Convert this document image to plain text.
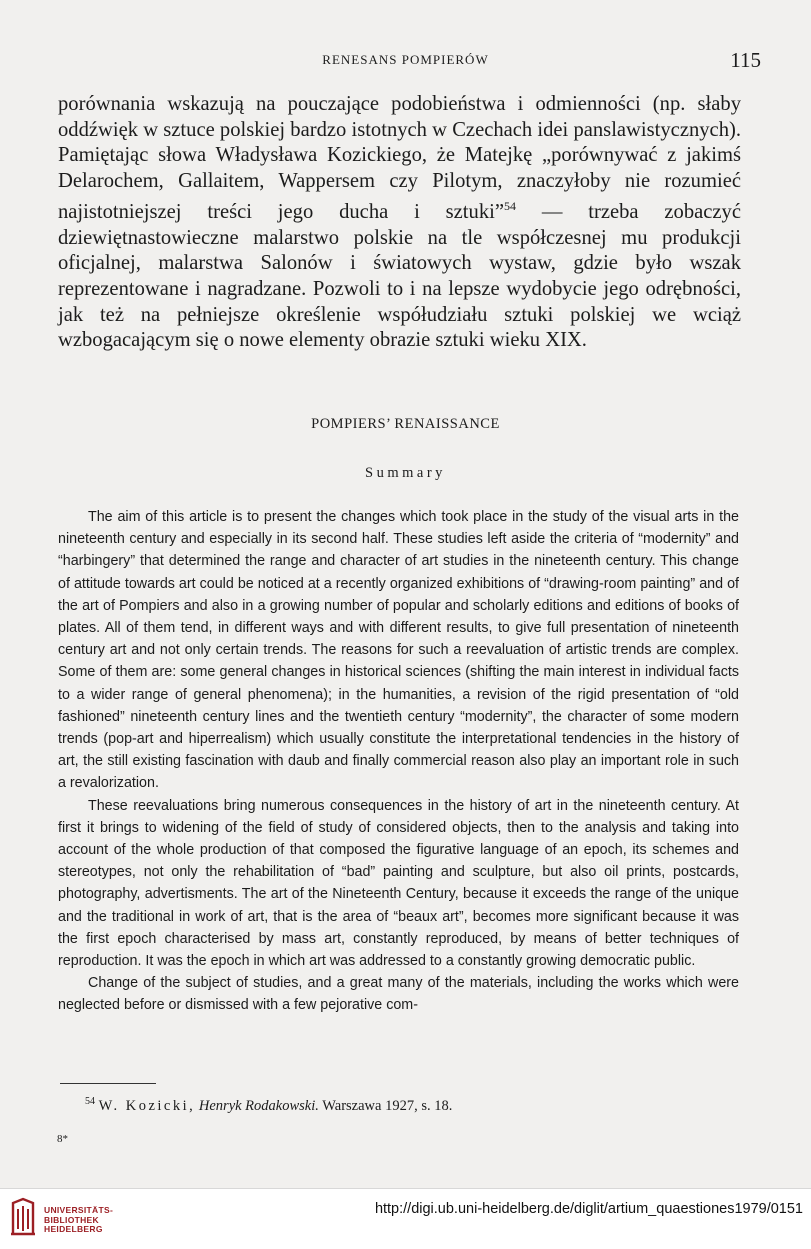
RENESANS POMPIERÓW	115

porównania wskazują na pouczające podobieństwa i odmienności (np. słaby oddźwięk w sztuce polskiej bardzo istotnych w Czechach idei panslawistycznych). Pamiętając słowa Władysława Kozickiego, że Matejkę „porównywać z jakimś Delarochem, Gallaitem, Wappersem czy Pilotym, znaczyłoby nie rozumieć najistotniejszej treści jego ducha i sztuki”$^{54}$ — trzeba zobaczyć dziewiętnastowieczne malarstwo polskie na tle współczesnej mu produkcji oficjalnej, malarstwa Salonów i światowych wystaw, gdzie było wszak reprezentowane i nagradzane. Pozwoli to i na lepsze wydobycie jego odrębności, jak też na pełniejsze określenie współudziału sztuki polskiej we wciąż wzbogacającym się o nowe elementy obrazie sztuki wieku XIX.

POMPIERS’ RENAISSANCE
Summary

The aim of this article is to present the changes which took place in the study of the visual arts in the nineteenth century and especially in its second half. These studies left aside the criteria of “modernity” and “harbingery” that determined the range and character of art studies in the nineteenth century. This change of attitude towards art could be noticed at a recently organized exhibitions of “drawing-room painting” and of the art of Pompiers and also in a growing number of popular and scholarly editions and editions of books of plates. All of them tend, in different ways and with different results, to give full presentation of nineteenth century art and not only certain trends. The reasons for such a reevaluation of artistic trends are complex. Some of them are: some general changes in historical sciences (shifting the main interest in individual facts to a wider range of general phenomena); in the humanities, a revision of the rigid presentation of “old fashioned” nineteenth century lines and the twentieth century “modernity”, the character of some modern trends (pop-art and hiperrealism) which usually constitute the interpretational tendencies in the history of art, the still existing fascination with daub and finally commercial reason also play an important role in such a revalorization.

These reevaluations bring numerous consequences in the history of art in the nineteenth century. At first it brings to widening of the field of study of considered objects, then to the analysis and taking into account of the whole production of that composed the figurative language of an epoch, its schemes and stereotypes, not only the rehabilitation of “bad” painting and sculpture, but also oil prints, postcards, photography, advertisments. The art of the Nineteenth Century, because it exceeds the range of the unique and the traditional in work of art, that is the area of “beaux art”, becomes more significant because it was the first epoch characterised by mass art, constantly reproduced, by means of better techniques of reproduction. It was the epoch in which art was addressed to a constantly growing democratic public.

Change of the subject of studies, and a great many of the materials, including the works which were neglected before or dismissed with a few pejorative com-

$^{54}$ W. Kozicki, Henryk Rodakowski. Warszawa 1927, s. 18.
8*
UNIVERSITÄTS-
BIBLIOTHEK
HEIDELBERG
http://digi.ub.uni-heidelberg.de/diglit/artium_quaestiones1979/0151
